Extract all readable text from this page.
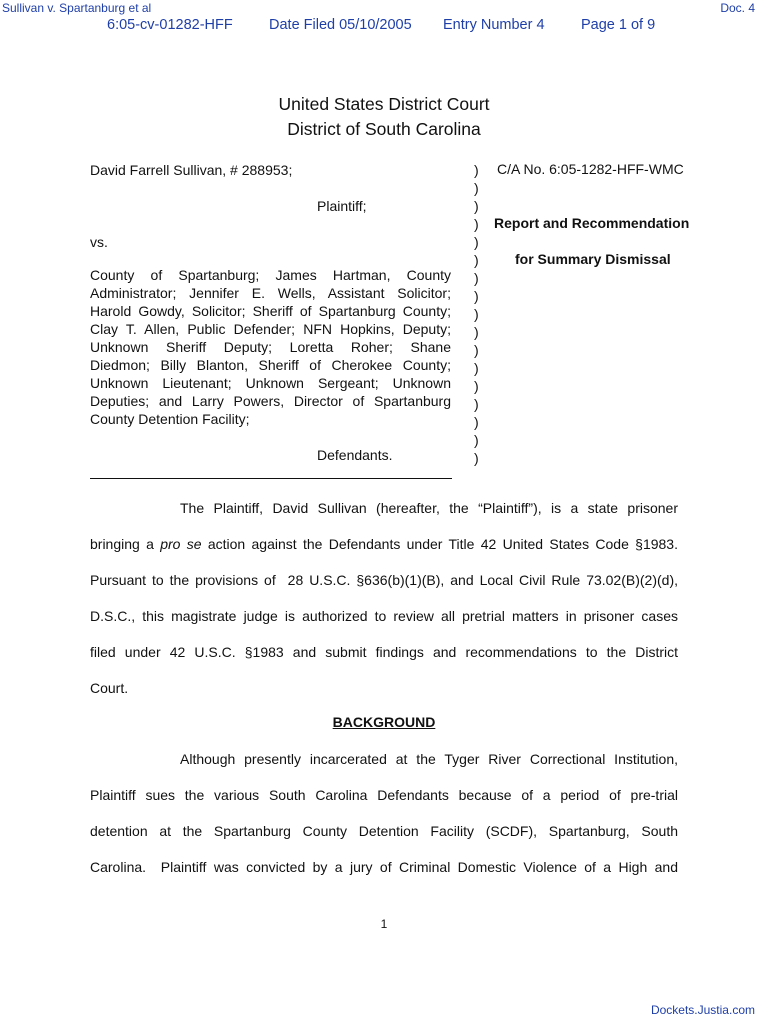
Sullivan v. Spartanburg et al	Doc. 4
6:05-cv-01282-HFF	Date Filed 05/10/2005 Entry Number 4	Page 1 of 9
United States District Court
District of South Carolina
David Farrell Sullivan, # 288953;
Plaintiff;
vs.
County of Spartanburg; James Hartman, County
Administrator; Jennifer E. Wells, Assistant Solicitor;
Harold Gowdy, Solicitor; Sheriff of Spartanburg County;
Clay T. Allen, Public Defender; NFN Hopkins, Deputy;
Unknown Sheriff Deputy; Loretta Roher; Shane
Diedmon; Billy Blanton, Sheriff of Cherokee County;
Unknown Lieutenant; Unknown Sergeant; Unknown
Deputies; and Larry Powers, Director of Spartanburg
County Detention Facility;
Defendants.
)
)
)
)
)
)
)
)
)
)
)
)
)
)
)
)
)
C/A No. 6:05-1282-HFF-WMC
Report and Recommendation
for Summary Dismissal
The Plaintiff, David Sullivan (hereafter, the “Plaintiff”), is a state prisoner
bringing a pro se action against the Defendants under Title 42 United States Code §1983.
Pursuant to the provisions of  28 U.S.C. §636(b)(1)(B), and Local Civil Rule 73.02(B)(2)(d),
D.S.C., this magistrate judge is authorized to review all pretrial matters in prisoner cases
filed under 42 U.S.C. §1983 and submit findings and recommendations to the District
Court.
BACKGROUND
Although presently incarcerated at the Tyger River Correctional Institution,
Plaintiff sues the various South Carolina Defendants because of a period of pre-trial
detention at the Spartanburg County Detention Facility (SCDF), Spartanburg, South
Carolina.  Plaintiff was convicted by a jury of Criminal Domestic Violence of a High and
1
Dockets.Justia.com
